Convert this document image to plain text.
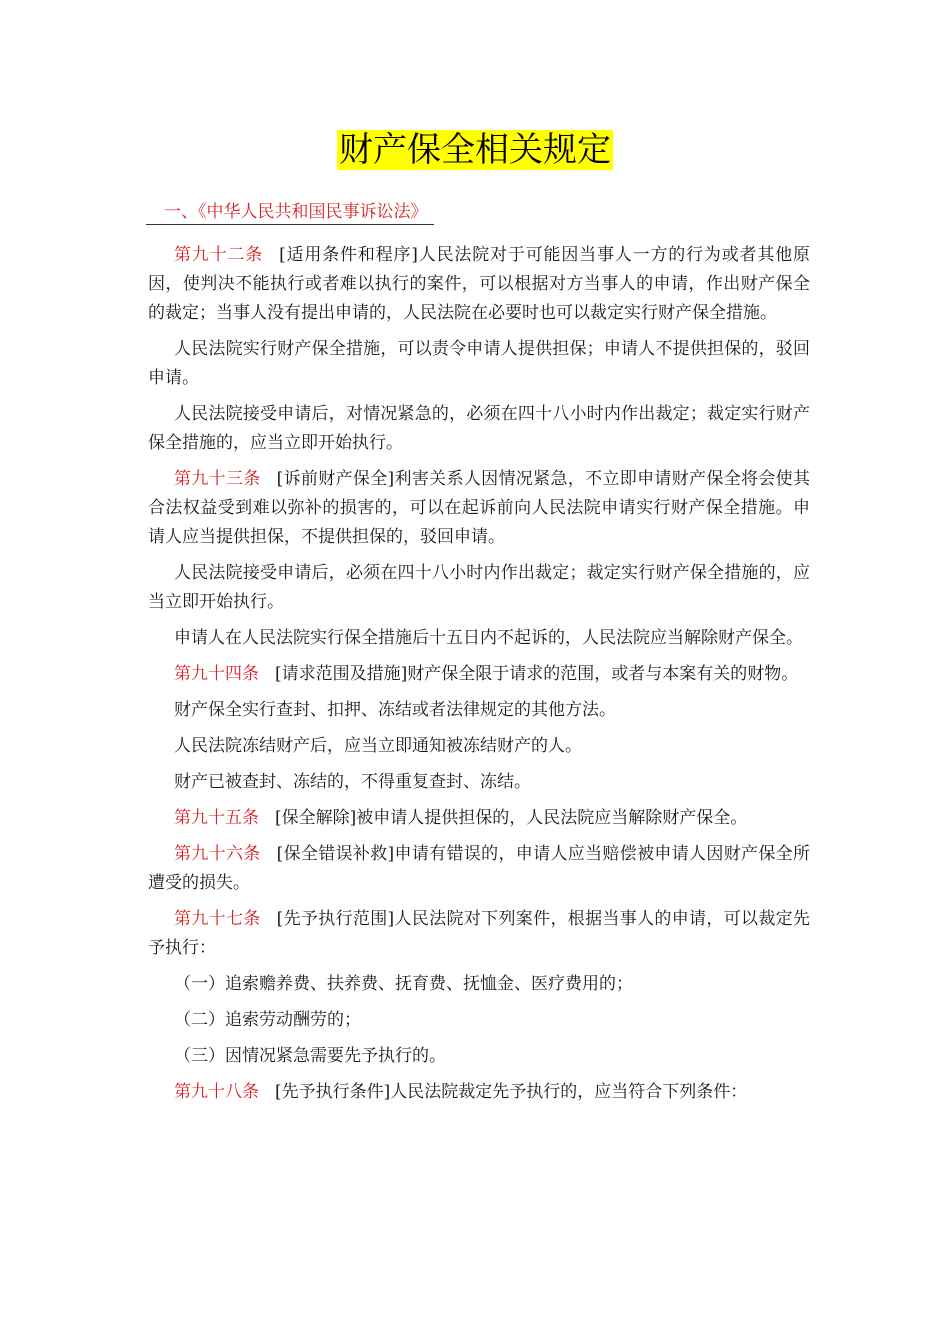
财产保全相关规定
一、《中华人民共和国民事诉讼法》
第九十二条 [适用条件和程序]人民法院对于可能因当事人一方的行为或者其他原因，使判决不能执行或者难以执行的案件，可以根据对方当事人的申请，作出财产保全的裁定；当事人没有提出申请的，人民法院在必要时也可以裁定实行财产保全措施。
人民法院实行财产保全措施，可以责令申请人提供担保；申请人不提供担保的，驳回申请。
人民法院接受申请后，对情况紧急的，必须在四十八小时内作出裁定；裁定实行财产保全措施的，应当立即开始执行。
第九十三条 [诉前财产保全]利害关系人因情况紧急，不立即申请财产保全将会使其合法权益受到难以弥补的损害的，可以在起诉前向人民法院申请实行财产保全措施。申请人应当提供担保，不提供担保的，驳回申请。
人民法院接受申请后，必须在四十八小时内作出裁定；裁定实行财产保全措施的，应当立即开始执行。
申请人在人民法院实行保全措施后十五日内不起诉的，人民法院应当解除财产保全。
第九十四条 [请求范围及措施]财产保全限于请求的范围，或者与本案有关的财物。
财产保全实行查封、扣押、冻结或者法律规定的其他方法。
人民法院冻结财产后，应当立即通知被冻结财产的人。
财产已被查封、冻结的，不得重复查封、冻结。
第九十五条 [保全解除]被申请人提供担保的，人民法院应当解除财产保全。
第九十六条 [保全错误补救]申请有错误的，申请人应当赔偿被申请人因财产保全所遭受的损失。
第九十七条 [先予执行范围]人民法院对下列案件，根据当事人的申请，可以裁定先予执行：
（一）追索赡养费、扶养费、抚育费、抚恤金、医疗费用的；
（二）追索劳动酬劳的；
（三）因情况紧急需要先予执行的。
第九十八条 [先予执行条件]人民法院裁定先予执行的，应当符合下列条件：
